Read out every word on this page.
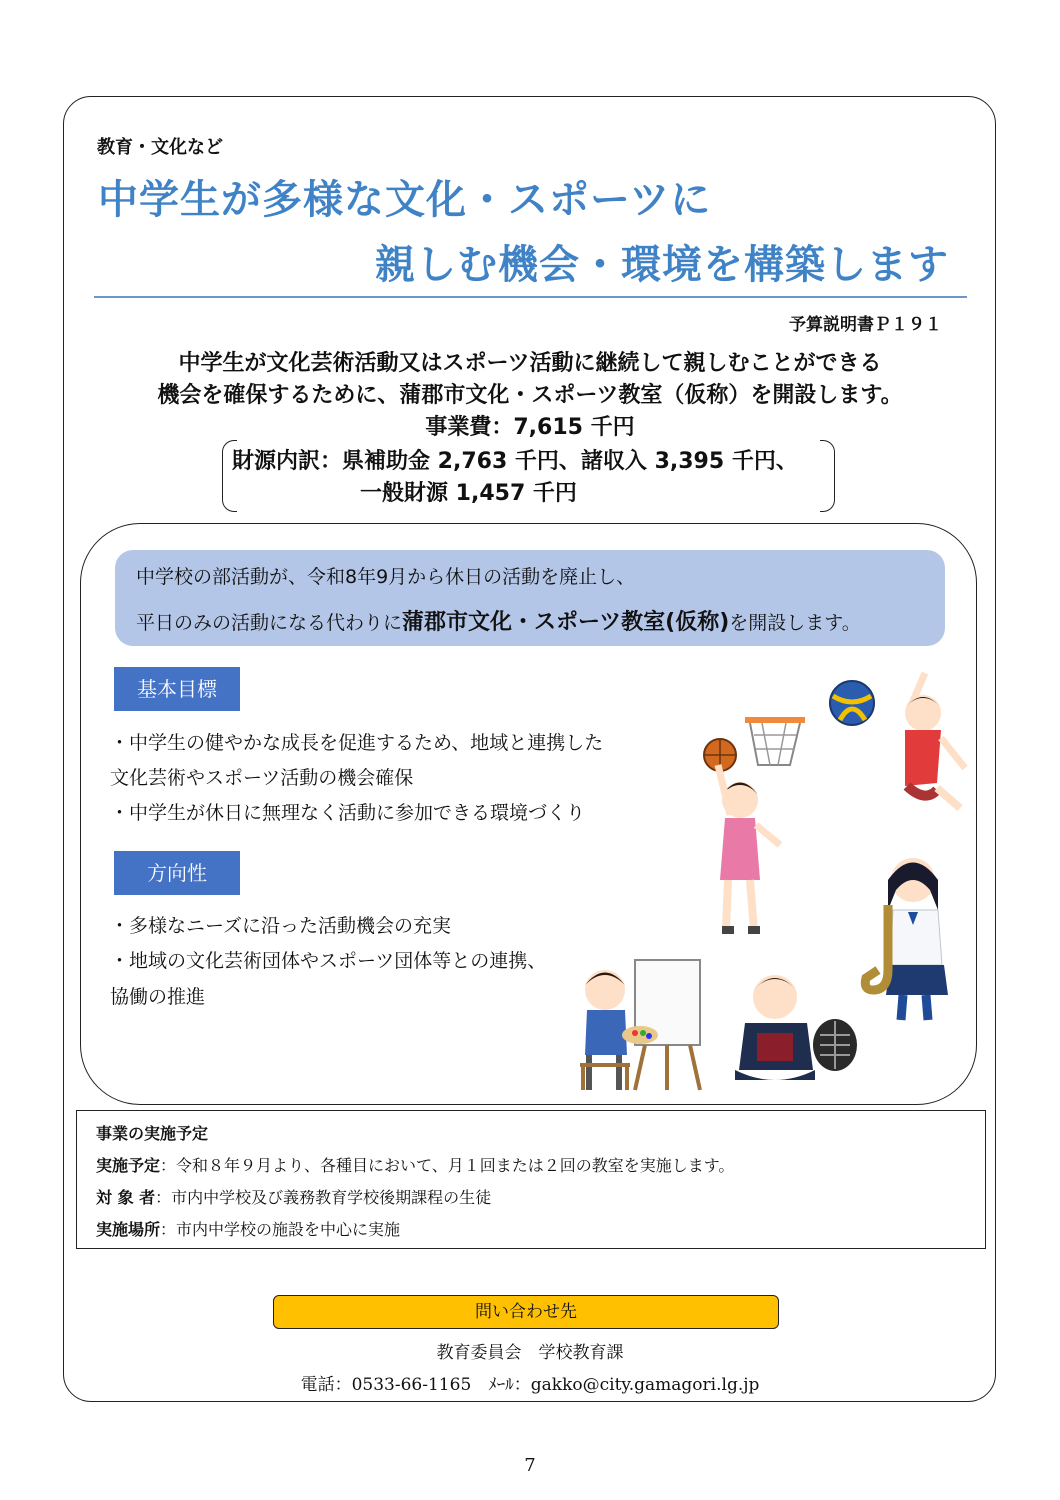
教育・文化など
中学生が多様な文化・スポーツに
親しむ機会・環境を構築します
予算説明書Ｐ１９１
中学生が文化芸術活動又はスポーツ活動に継続して親しむことができる
機会を確保するために、蒲郡市文化・スポーツ教室（仮称）を開設します。
事業費：7,615 千円
財源内訳：県補助金 2,763 千円、諸収入 3,395 千円、
一般財源 1,457 千円
中学校の部活動が、令和8年9月から休日の活動を廃止し、
平日のみの活動になる代わりに蒲郡市文化・スポーツ教室(仮称)を開設します。
基本目標
・中学生の健やかな成長を促進するため、地域と連携した
文化芸術やスポーツ活動の機会確保
・中学生が休日に無理なく活動に参加できる環境づくり
方向性
・多様なニーズに沿った活動機会の充実
・地域の文化芸術団体やスポーツ団体等との連携、
協働の推進
事業の実施予定
実施予定：令和８年９月より、各種目において、月１回または２回の教室を実施します。
対 象 者：市内中学校及び義務教育学校後期課程の生徒
実施場所：市内中学校の施設を中心に実施
問い合わせ先
教育委員会　学校教育課
電話：0533-66-1165　ﾒｰﾙ：gakko@city.gamagori.lg.jp
7
